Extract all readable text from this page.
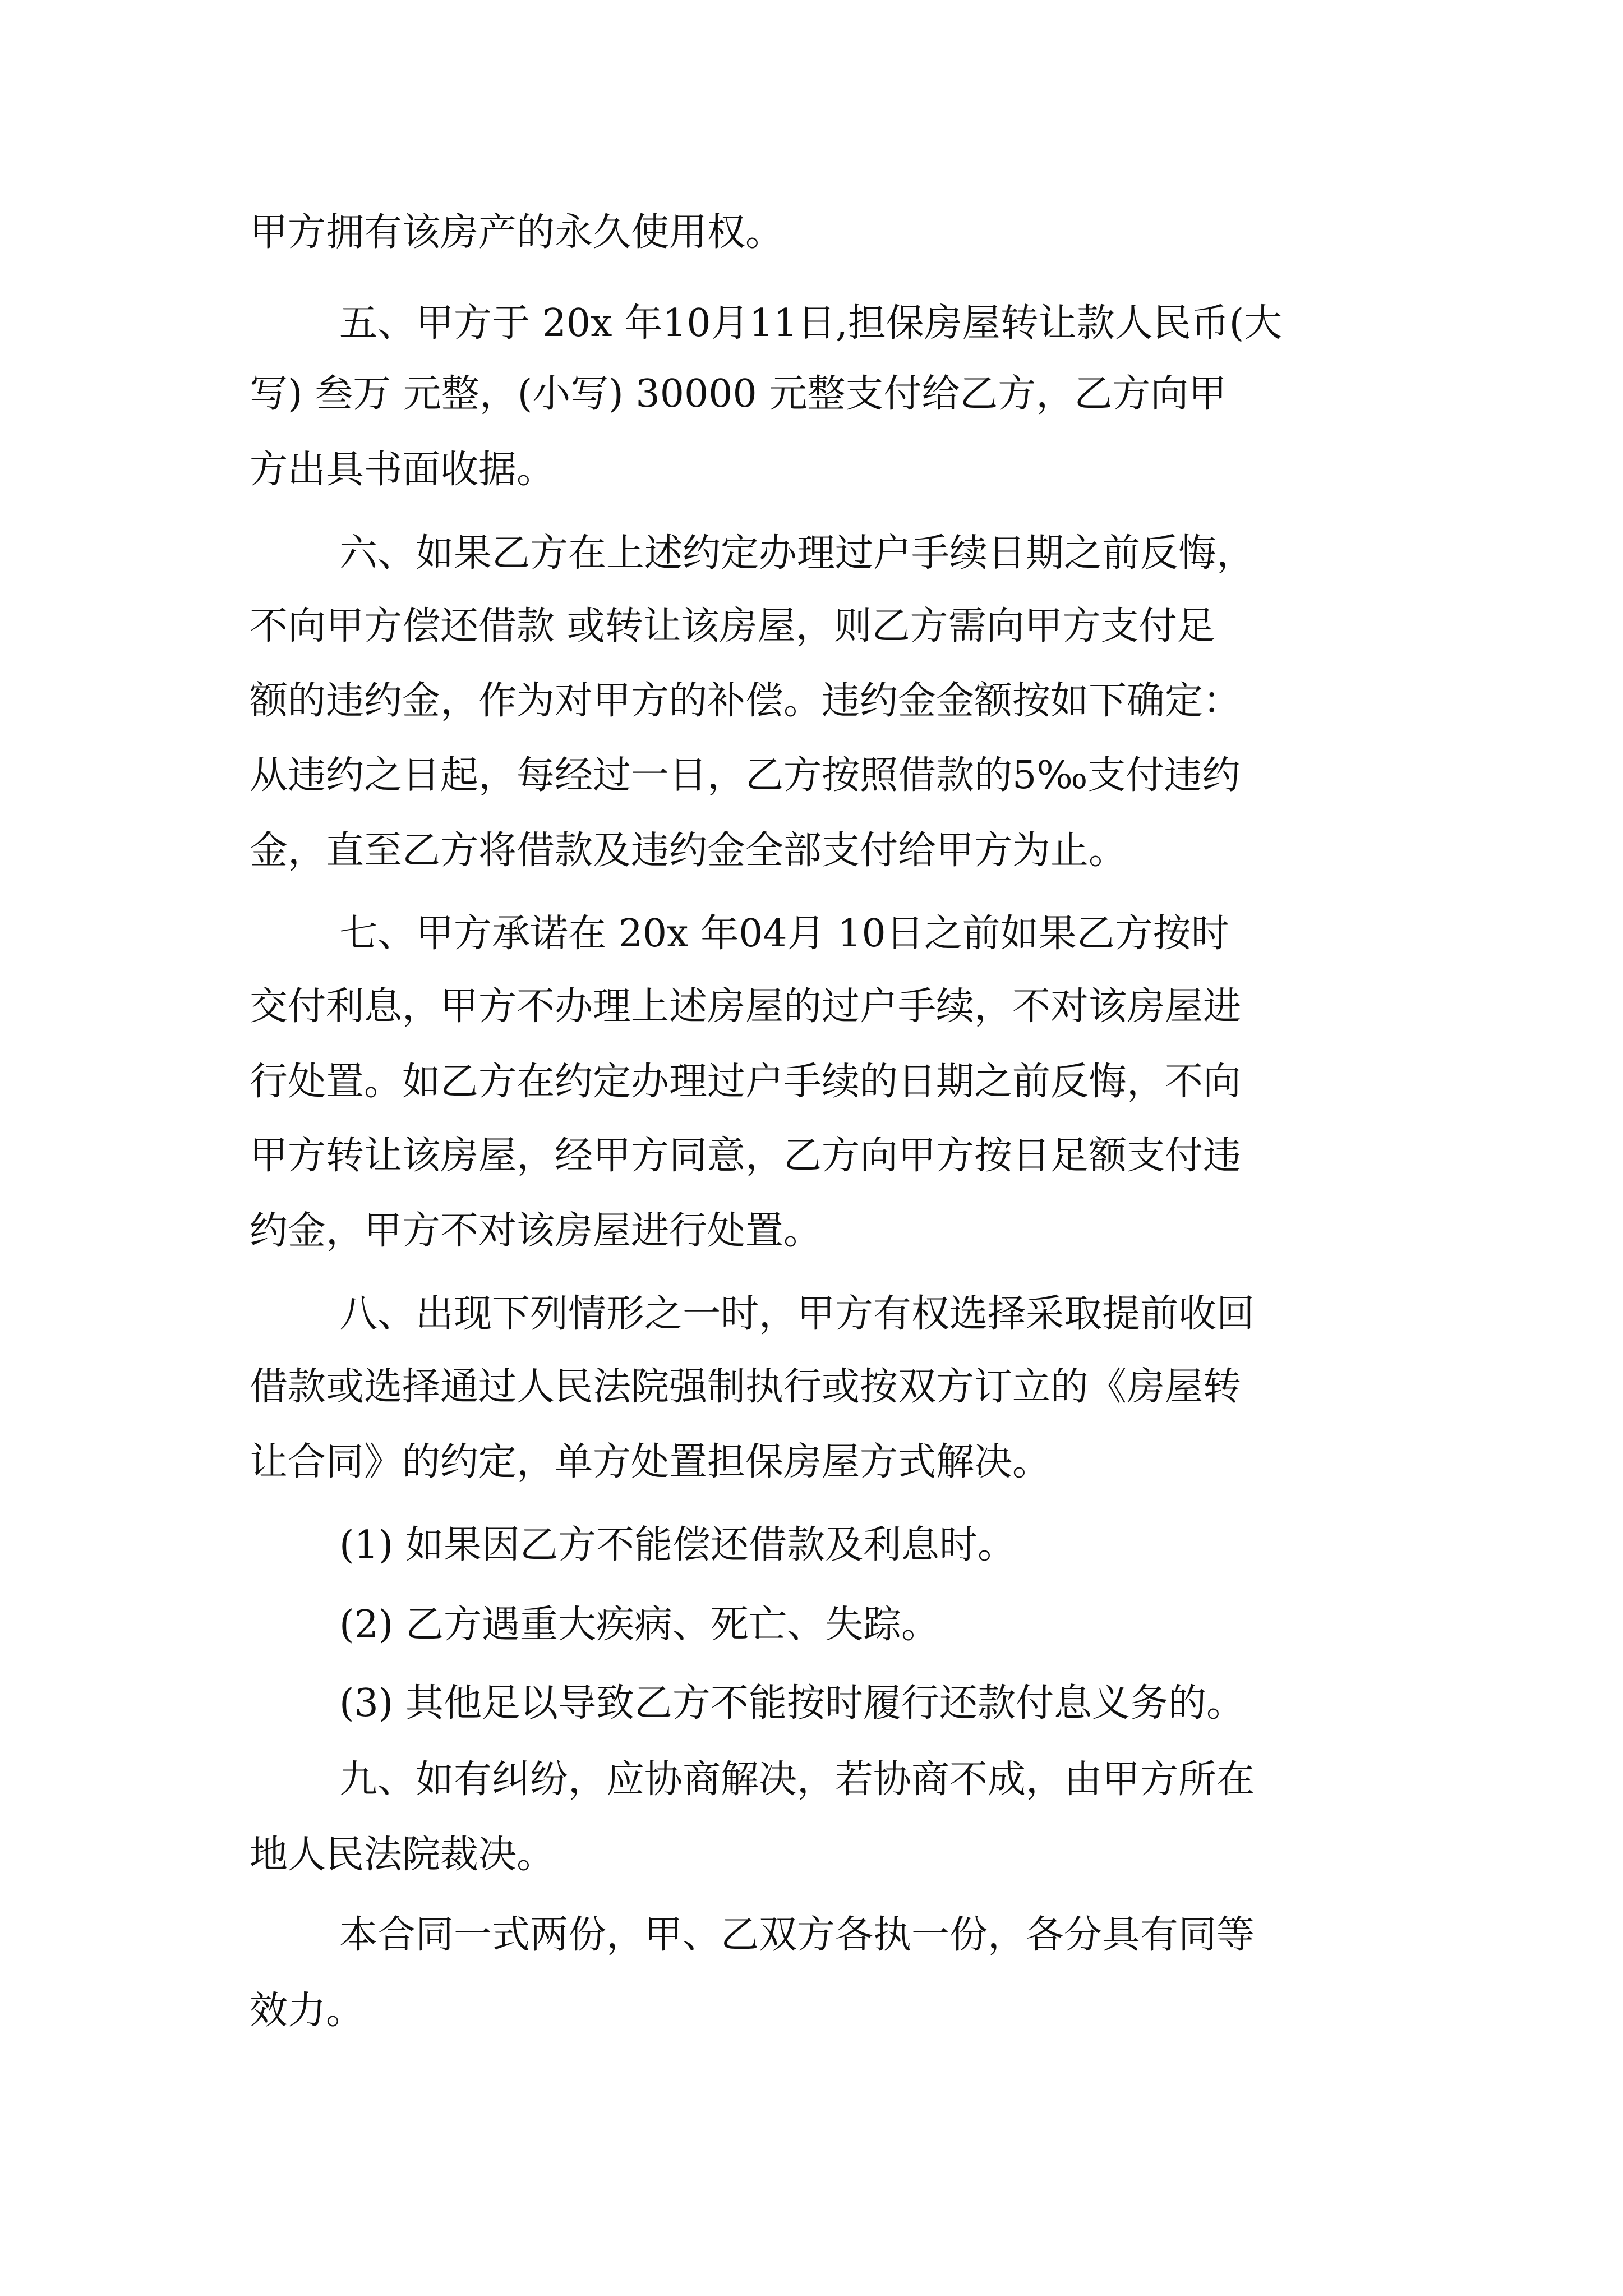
甲方拥有该房产的永久使用权。

五、甲方于 20x 年10月11日,担保房屋转让款人民币(大

写) 叁万 元整，(小写) 30000 元整支付给乙方，乙方向甲

方出具书面收据。

六、如果乙方在上述约定办理过户手续日期之前反悔，

不向甲方偿还借款 或转让该房屋，则乙方需向甲方支付足

额的违约金，作为对甲方的补偿。违约金金额按如下确定：

从违约之日起，每经过一日，乙方按照借款的5‰支付违约

金，直至乙方将借款及违约金全部支付给甲方为止。

七、甲方承诺在 20x 年04月 10日之前如果乙方按时

交付利息，甲方不办理上述房屋的过户手续，不对该房屋进

行处置。如乙方在约定办理过户手续的日期之前反悔，不向

甲方转让该房屋，经甲方同意，乙方向甲方按日足额支付违

约金，甲方不对该房屋进行处置。

八、出现下列情形之一时，甲方有权选择采取提前收回

借款或选择通过人民法院强制执行或按双方订立的《房屋转

让合同》的约定，单方处置担保房屋方式解决。

(1) 如果因乙方不能偿还借款及利息时。

(2) 乙方遇重大疾病、死亡、失踪。

(3) 其他足以导致乙方不能按时履行还款付息义务的。

九、如有纠纷，应协商解决，若协商不成，由甲方所在

地人民法院裁决。

本合同一式两份，甲、乙双方各执一份，各分具有同等

效力。
